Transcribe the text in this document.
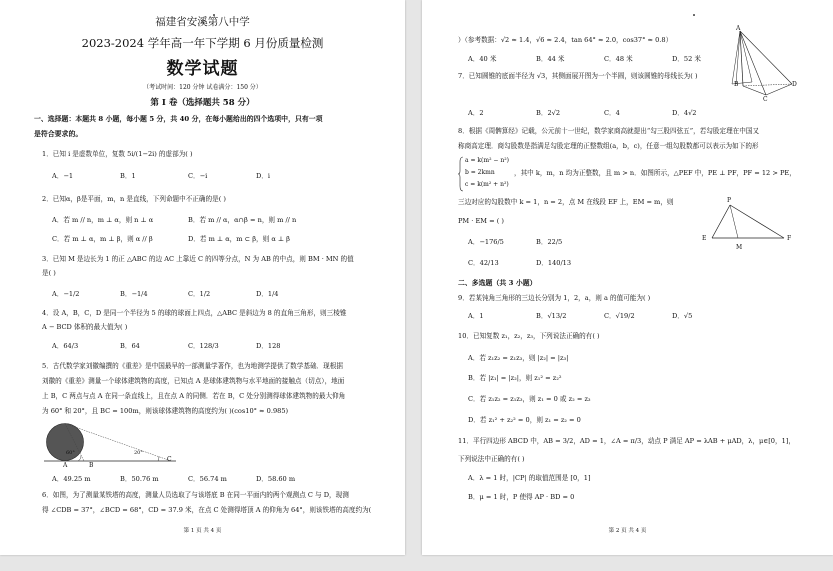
福建省安溪第八中学
2023-2024 学年高一年下学期 6 月份质量检测
数学试题
（考试时间：120 分钟 试卷满分：150 分）
第 I 卷（选择题共 58 分）
一、选择题：本题共 8 小题，每小题 5 分，共 40 分，在每小题给出的四个选项中，只有一项
是符合要求的。
1．已知 i 是虚数单位，复数 5i/(1−2i) 的虚部为( )
A．−1	B．1	C．−i	D．i
2．已知α，β是平面，m，n 是直线，下列命题中不正确的是( )
A．若 m // n，m ⊥ α，则 n ⊥ α	B．若 m // α，α∩β = n，则 m // n
C．若 m ⊥ α，m ⊥ β，则 α // β	D．若 m ⊥ α，m ⊂ β，则 α ⊥ β
3．已知 M 是边长为 1 的正 △ABC 的边 AC 上靠近 C 的四等分点，N 为 AB 的中点，则 BM · MN 的值
是( )
A．−1/2	B．−1/4	C．1/2	D．1/4
4．设 A，B，C，D 是同一个半径为 5 的球的球面上四点，△ABC 是斜边为 8 的直角三角形，则三棱锥
A − BCD 体积的最大值为( )
A．64/3	B．64	C．128/3	D．128
5．古代数学家刘徽编撰的《重差》是中国最早的一部测量学著作，也为地测学提供了数学基础．现根据
刘徽的《重差》测量一个球体建筑物的高度，已知点 A 是球体建筑物与水平地面的接触点（切点），地面
上 B，C 两点与点 A 在同一条直线上，且在点 A 的同侧．若在 B，C 处分别测得球体建筑物的最大仰角
为 60° 和 20°，且 BC = 100m，则该球体建筑物的高度约为( )(cos10° ≈ 0.985)
60°	20°
A	B
C
A．49.25 m	B．50.76 m	C．56.74 m	D．58.60 m
6．如图，为了测量某铁塔的高度，测量人员选取了与该塔底 B 在同一平面内的两个观测点 C 与 D，现测
得 ∠CDB = 37°，∠BCD = 68°，CD = 37.9 米，在点 C 处测得塔顶 A 的仰角为 64°，则该铁塔的高度约为(
第 1 页 共 4 页
）（参考数据：√2 ≈ 1.4，√6 ≈ 2.4，tan 64° ≈ 2.0，cos37° ≈ 0.8）
A．40 米	B．44 米	C．48 米	D．52 米
A
B
C
D
7．已知圆锥的底面半径为 √3，其侧面展开图为一个半圆，则该圆锥的母线长为( )
A．2	B．2√2	C．4	D．4√2
8．根据《周髀算经》记载，公元前十一世纪，数学家商高就提出“勾三股四弦五”，若勾股定理在中国又
称商高定理．商勾股数是指满足勾股定理的正整数组(a，b，c)，任意一组勾股数都可以表示为如下的形
a = k(m² − n²)
b = 2kmn
c = k(m² + n²)
，其中 k，m，n 均为正整数，且 m > n．如图所示，△PEF 中，PE ⊥ PF，PF = 12 > PE，
三边对应的勾股数中 k = 1，n = 2，点 M 在线段 EF 上，EM = m，则
PM · EM = ( )
P
E
M
F
A．−176/5	B．22/5
C．42/13	D．140/13
二、多选题（共 3 小题）
9．若某钝角三角形的三边长分别为 1，2，a，则 a 的值可能为( )
A．1	B．√13/2	C．√19/2	D．√5
10．已知复数 z₁，z₂，z₃，下列说法正确的有( )
A．若 z₁z₂ = z₁z₃，则 |z₂| = |z₃|
B．若 |z₁| = |z₂|，则 z₁² = z₂²
C．若 z₁z₂ = z₁z₃，则 z₁ = 0 或 z₂ = z₃
D．若 z₁² + z₂² = 0，则 z₁ = z₂ = 0
11．平行四边形 ABCD 中，AB = 3/2，AD = 1，∠A = π/3，动点 P 满足 AP = λAB + μAD，λ，μ∈[0，1]，
下列说法中正确的有( )
A．λ = 1 时，|CP| 的取值范围是 [0，1]
B．μ = 1 时，P 使得 AP · BD = 0
第 2 页 共 4 页
